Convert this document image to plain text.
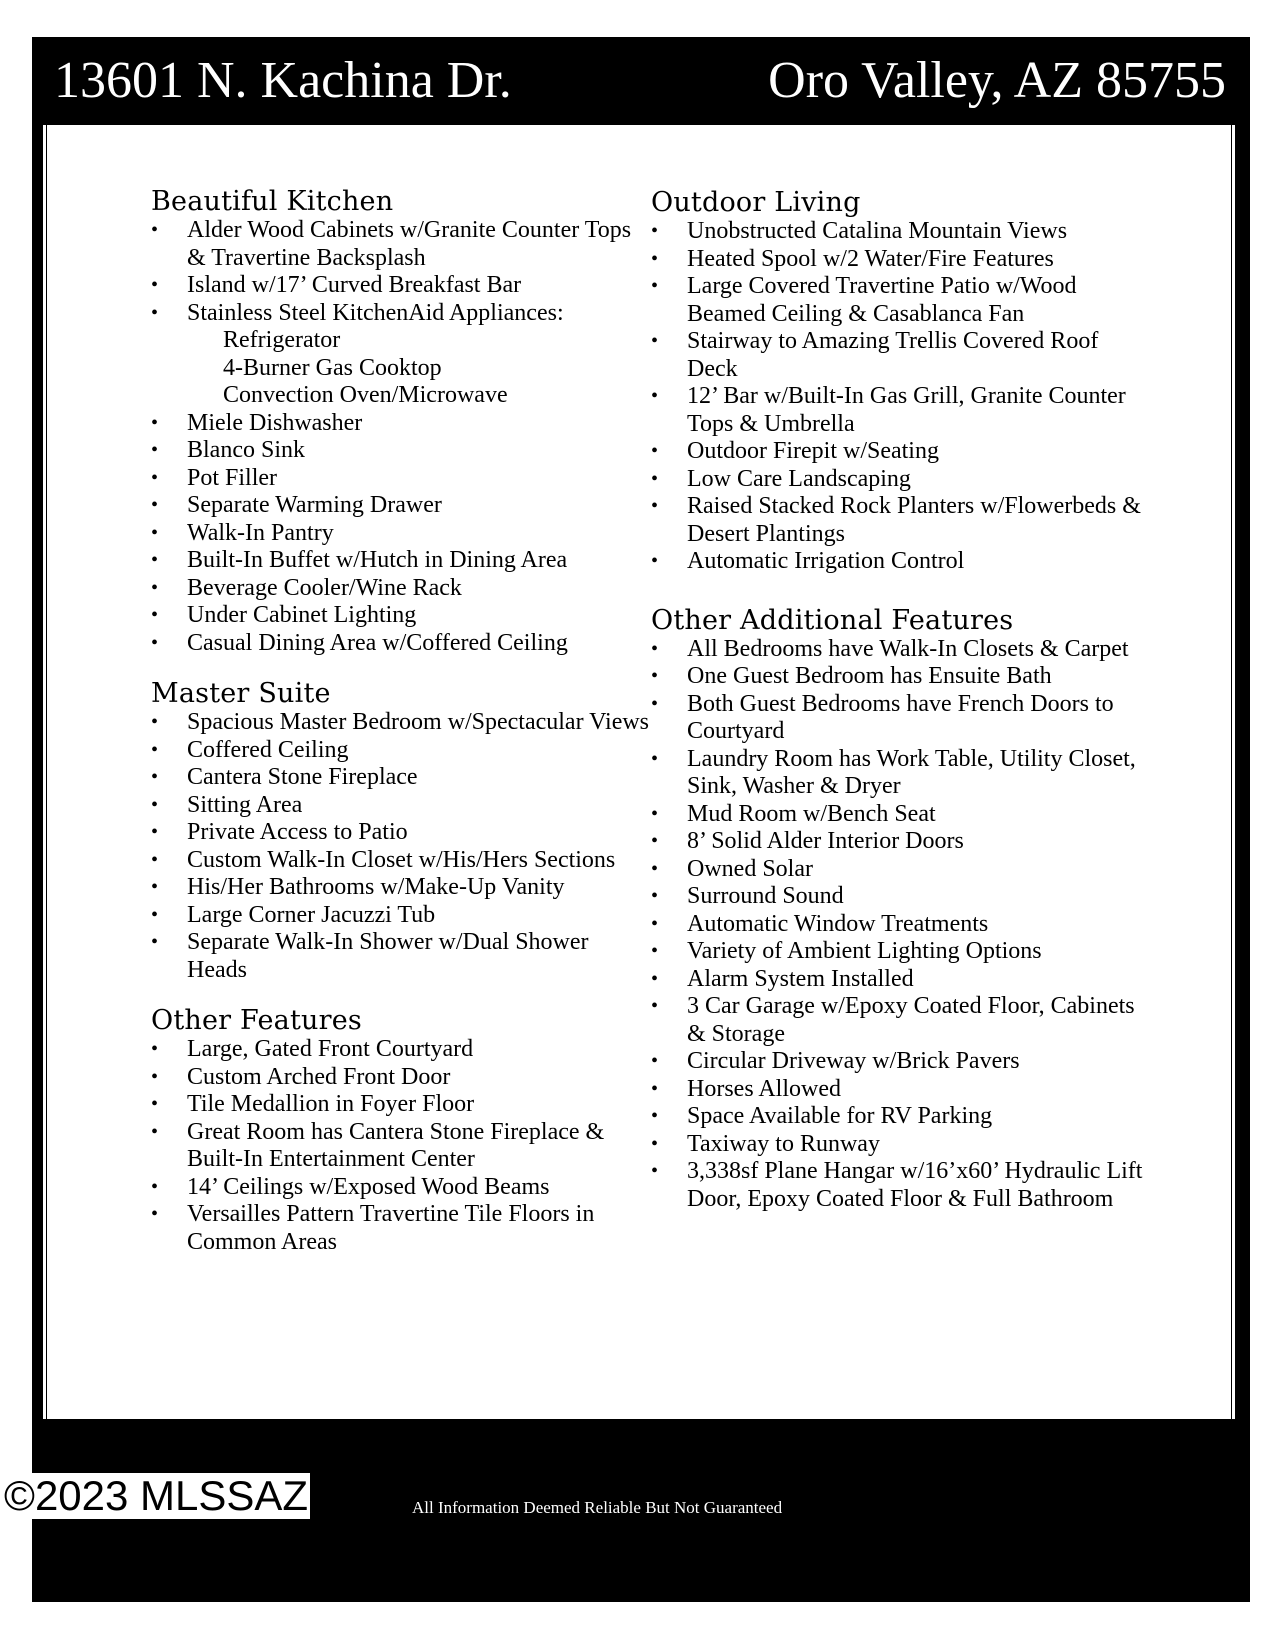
13601 N. Kachina Dr.	Oro Valley, AZ 85755
Beautiful Kitchen
• Alder Wood Cabinets w/Granite Counter Tops & Travertine Backsplash
• Island w/17’ Curved Breakfast Bar
• Stainless Steel KitchenAid Appliances:
Refrigerator
4-Burner Gas Cooktop
Convection Oven/Microwave
• Miele Dishwasher
• Blanco Sink
• Pot Filler
• Separate Warming Drawer
• Walk-In Pantry
• Built-In Buffet w/Hutch in Dining Area
• Beverage Cooler/Wine Rack
• Under Cabinet Lighting
• Casual Dining Area w/Coffered Ceiling
Master Suite
• Spacious Master Bedroom w/Spectacular Views
• Coffered Ceiling
• Cantera Stone Fireplace
• Sitting Area
• Private Access to Patio
• Custom Walk-In Closet w/His/Hers Sections
• His/Her Bathrooms w/Make-Up Vanity
• Large Corner Jacuzzi Tub
• Separate Walk-In Shower w/Dual Shower Heads
Other Features
• Large, Gated Front Courtyard
• Custom Arched Front Door
• Tile Medallion in Foyer Floor
• Great Room has Cantera Stone Fireplace & Built-In Entertainment Center
• 14’ Ceilings w/Exposed Wood Beams
• Versailles Pattern Travertine Tile Floors in Common Areas
Outdoor Living
• Unobstructed Catalina Mountain Views
• Heated Spool w/2 Water/Fire Features
• Large Covered Travertine Patio w/Wood Beamed Ceiling & Casablanca Fan
• Stairway to Amazing Trellis Covered Roof Deck
• 12’ Bar w/Built-In Gas Grill, Granite Counter Tops & Umbrella
• Outdoor Firepit w/Seating
• Low Care Landscaping
• Raised Stacked Rock Planters w/Flowerbeds & Desert Plantings
• Automatic Irrigation Control
Other Additional Features
• All Bedrooms have Walk-In Closets & Carpet
• One Guest Bedroom has Ensuite Bath
• Both Guest Bedrooms have French Doors to Courtyard
• Laundry Room has Work Table, Utility Closet, Sink, Washer & Dryer
• Mud Room w/Bench Seat
• 8’ Solid Alder Interior Doors
• Owned Solar
• Surround Sound
• Automatic Window Treatments
• Variety of Ambient Lighting Options
• Alarm System Installed
• 3 Car Garage w/Epoxy Coated Floor, Cabinets & Storage
• Circular Driveway w/Brick Pavers
• Horses Allowed
• Space Available for RV Parking
• Taxiway to Runway
• 3,338sf Plane Hangar w/16’x60’ Hydraulic Lift Door, Epoxy Coated Floor & Full Bathroom
All Information Deemed Reliable But Not Guaranteed
©2023 MLSSAZ
